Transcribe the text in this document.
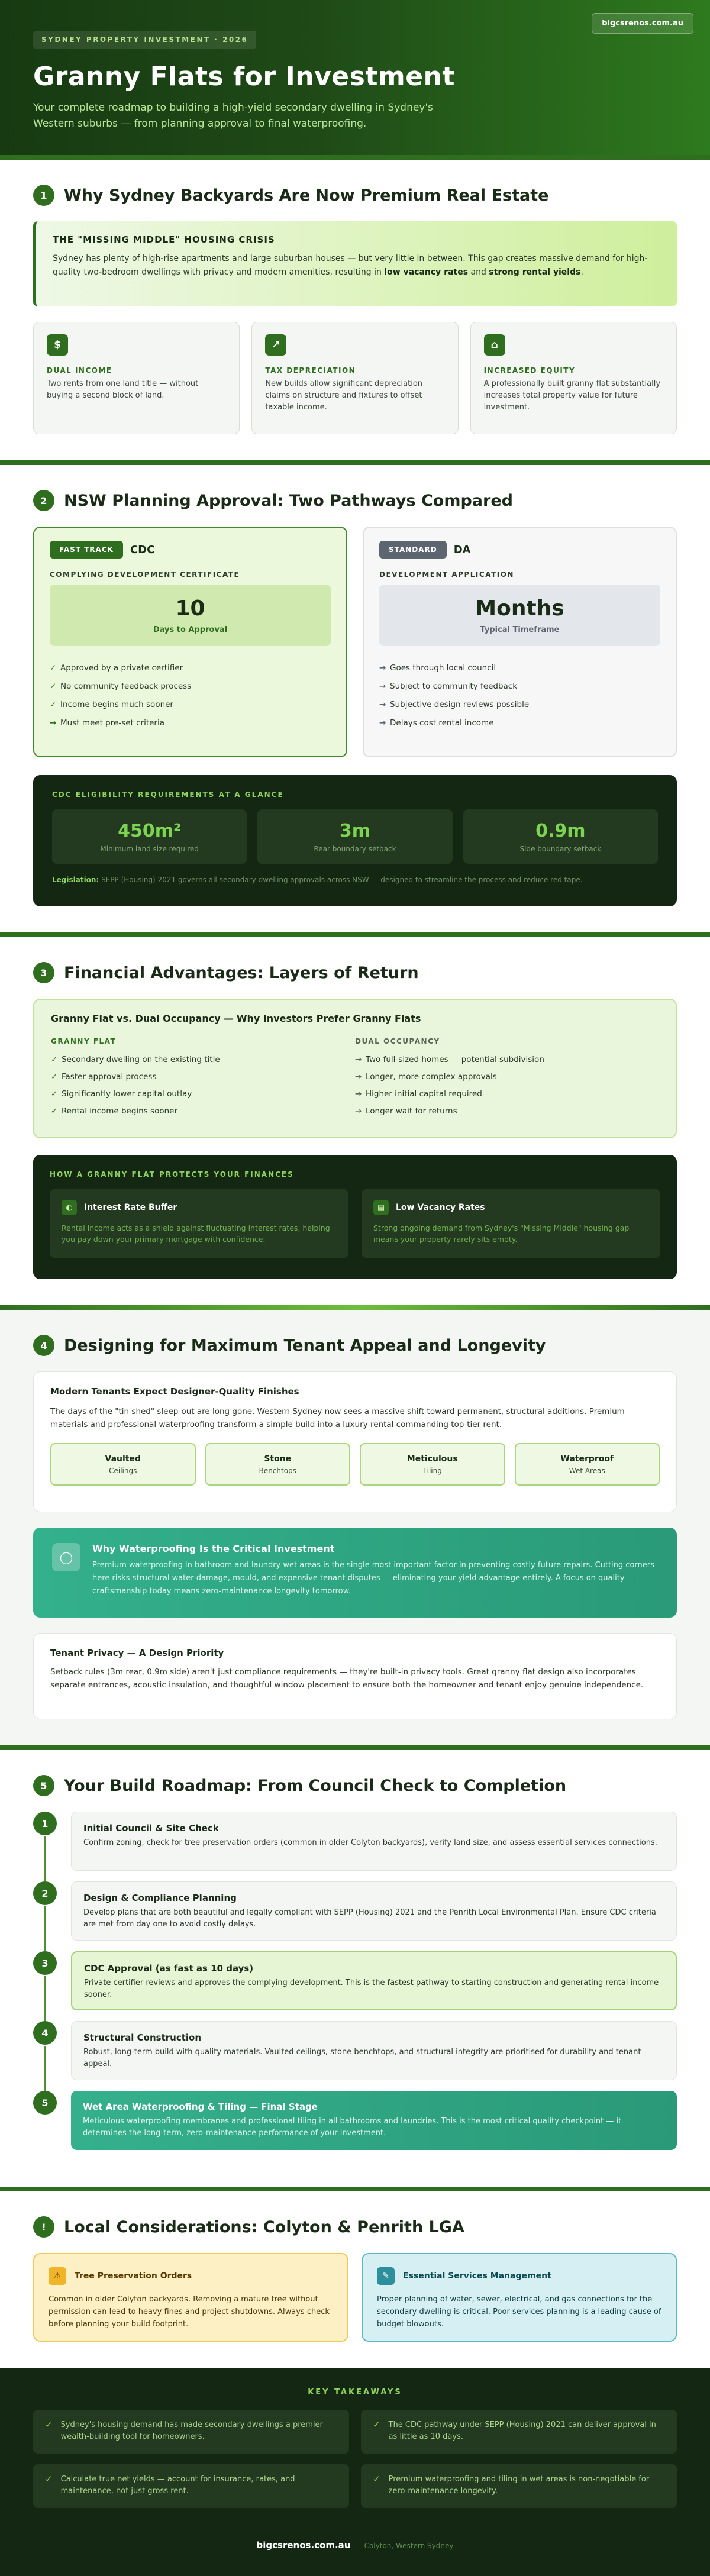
SYDNEY PROPERTY INVESTMENT · 2026
bigcsrenos.com.au
Granny Flats for Investment

Your complete roadmap to building a high-yield secondary dwelling in Sydney's Western suburbs — from planning approval to final waterproofing.

1	Why Sydney Backyards Are Now Premium Real Estate
THE "MISSING MIDDLE" HOUSING CRISIS

Sydney has plenty of high-rise apartments and large suburban houses — but very little in between. This gap creates massive demand for high-quality two-bedroom dwellings with privacy and modern amenities, resulting in low vacancy rates and strong rental yields.

$
DUAL INCOME

Two rents from one land title — without buying a second block of land.

↗
TAX DEPRECIATION

New builds allow significant depreciation claims on structure and fixtures to offset taxable income.

⌂
INCREASED EQUITY

A professionally built granny flat substantially increases total property value for future investment.

2	NSW Planning Approval: Two Pathways Compared
FAST TRACK	CDC
COMPLYING DEVELOPMENT CERTIFICATE
10
Days to Approval
✓ Approved by a private certifier
✓ No community feedback process
✓ Income begins much sooner
→ Must meet pre-set criteria
STANDARD	DA
DEVELOPMENT APPLICATION
Months
Typical Timeframe
→ Goes through local council
→ Subject to community feedback
→ Subjective design reviews possible
→ Delays cost rental income
CDC ELIGIBILITY REQUIREMENTS AT A GLANCE
450m²
Minimum land size required
3m
Rear boundary setback
0.9m
Side boundary setback
Legislation: SEPP (Housing) 2021 governs all secondary dwelling approvals across NSW — designed to streamline the process and reduce red tape.
3	Financial Advantages: Layers of Return
Granny Flat vs. Dual Occupancy — Why Investors Prefer Granny Flats
GRANNY FLAT
✓ Secondary dwelling on the existing title
✓ Faster approval process
✓ Significantly lower capital outlay
✓ Rental income begins sooner
DUAL OCCUPANCY
→ Two full-sized homes — potential subdivision
→ Longer, more complex approvals
→ Higher initial capital required
→ Longer wait for returns
HOW A GRANNY FLAT PROTECTS YOUR FINANCES
◐	Interest Rate Buffer

Rental income acts as a shield against fluctuating interest rates, helping you pay down your primary mortgage with confidence.

▤	Low Vacancy Rates

Strong ongoing demand from Sydney's "Missing Middle" housing gap means your property rarely sits empty.

4	Designing for Maximum Tenant Appeal and Longevity
Modern Tenants Expect Designer-Quality Finishes

The days of the "tin shed" sleep-out are long gone. Western Sydney now sees a massive shift toward permanent, structural additions. Premium materials and professional waterproofing transform a simple build into a luxury rental commanding top-tier rent.

Vaulted
Ceilings
Stone
Benchtops
Meticulous
Tiling
Waterproof
Wet Areas
◯
Why Waterproofing Is the Critical Investment

Premium waterproofing in bathroom and laundry wet areas is the single most important factor in preventing costly future repairs. Cutting corners here risks structural water damage, mould, and expensive tenant disputes — eliminating your yield advantage entirely. A focus on quality craftsmanship today means zero-maintenance longevity tomorrow.

Tenant Privacy — A Design Priority

Setback rules (3m rear, 0.9m side) aren't just compliance requirements — they're built-in privacy tools. Great granny flat design also incorporates separate entrances, acoustic insulation, and thoughtful window placement to ensure both the homeowner and tenant enjoy genuine independence.

5	Your Build Roadmap: From Council Check to Completion
1	Initial Council & Site Check

Confirm zoning, check for tree preservation orders (common in older Colyton backyards), verify land size, and assess essential services connections.

2	Design & Compliance Planning

Develop plans that are both beautiful and legally compliant with SEPP (Housing) 2021 and the Penrith Local Environmental Plan. Ensure CDC criteria are met from day one to avoid costly delays.

3	CDC Approval (as fast as 10 days)

Private certifier reviews and approves the complying development. This is the fastest pathway to starting construction and generating rental income sooner.

4	Structural Construction

Robust, long-term build with quality materials. Vaulted ceilings, stone benchtops, and structural integrity are prioritised for durability and tenant appeal.

5	Wet Area Waterproofing & Tiling — Final Stage

Meticulous waterproofing membranes and professional tiling in all bathrooms and laundries. This is the most critical quality checkpoint — it determines the long-term, zero-maintenance performance of your investment.

!	Local Considerations: Colyton & Penrith LGA
⚠	Tree Preservation Orders

Common in older Colyton backyards. Removing a mature tree without permission can lead to heavy fines and project shutdowns. Always check before planning your build footprint.

✎	Essential Services Management

Proper planning of water, sewer, electrical, and gas connections for the secondary dwelling is critical. Poor services planning is a leading cause of budget blowouts.

KEY TAKEAWAYS
✓ Sydney's housing demand has made secondary dwellings a premier wealth-building tool for homeowners.

✓ The CDC pathway under SEPP (Housing) 2021 can deliver approval in as little as 10 days.

✓ Calculate true net yields — account for insurance, rates, and maintenance, not just gross rent.

✓ Premium waterproofing and tiling in wet areas is non-negotiable for zero-maintenance longevity.

bigcsrenos.com.au Colyton, Western Sydney
